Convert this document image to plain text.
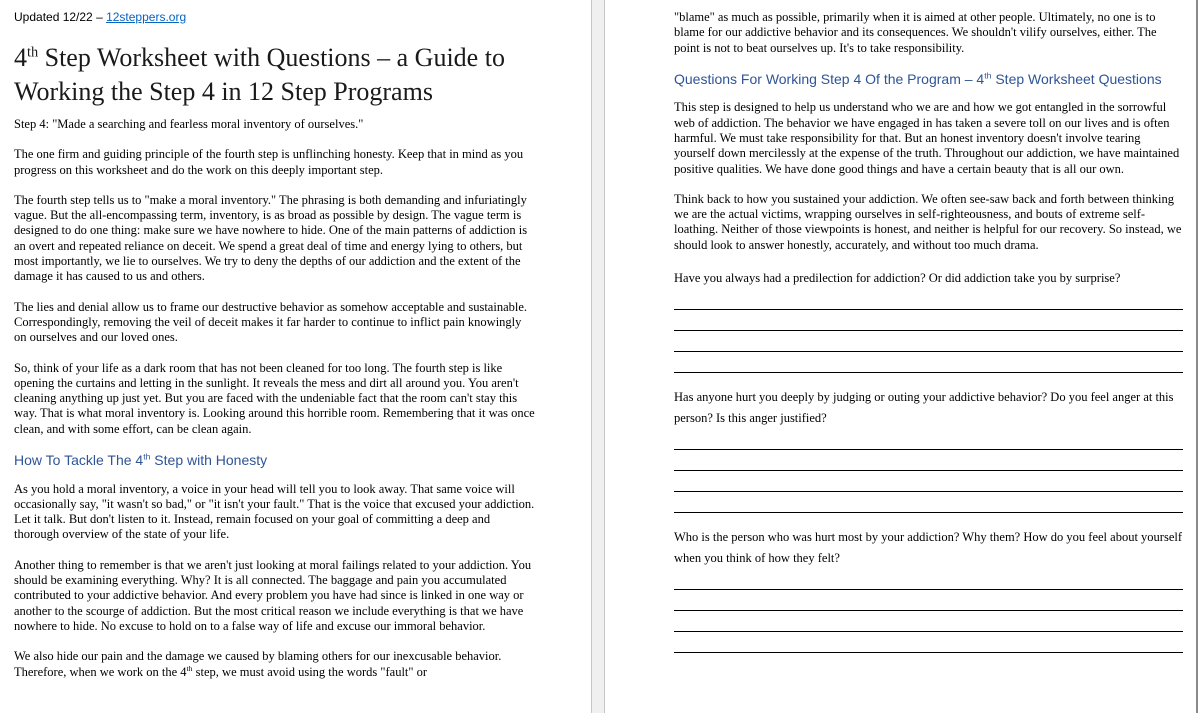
Updated 12/22 – 12steppers.org
4th Step Worksheet with Questions – a Guide to Working the Step 4 in 12 Step Programs

Step 4: "Made a searching and fearless moral inventory of ourselves."

The one firm and guiding principle of the fourth step is unflinching honesty. Keep that in mind as you progress on this worksheet and do the work on this deeply important step.

The fourth step tells us to "make a moral inventory." The phrasing is both demanding and infuriatingly vague. But the all-encompassing term, inventory, is as broad as possible by design. The vague term is designed to do one thing: make sure we have nowhere to hide. One of the main patterns of addiction is an overt and repeated reliance on deceit. We spend a great deal of time and energy lying to others, but most importantly, we lie to ourselves. We try to deny the depths of our addiction and the extent of the damage it has caused to us and others.

The lies and denial allow us to frame our destructive behavior as somehow acceptable and sustainable. Correspondingly, removing the veil of deceit makes it far harder to continue to inflict pain knowingly on ourselves and our loved ones.

So, think of your life as a dark room that has not been cleaned for too long. The fourth step is like opening the curtains and letting in the sunlight. It reveals the mess and dirt all around you. You aren't cleaning anything up just yet. But you are faced with the undeniable fact that the room can't stay this way. That is what moral inventory is. Looking around this horrible room. Remembering that it was once clean, and with some effort, can be clean again.

How To Tackle The 4th Step with Honesty

As you hold a moral inventory, a voice in your head will tell you to look away. That same voice will occasionally say, "it wasn't so bad," or "it isn't your fault." That is the voice that excused your addiction. Let it talk. But don't listen to it. Instead, remain focused on your goal of committing a deep and thorough overview of the state of your life.

Another thing to remember is that we aren't just looking at moral failings related to your addiction. You should be examining everything. Why? It is all connected. The baggage and pain you accumulated contributed to your addictive behavior. And every problem you have had since is linked in one way or another to the scourge of addiction. But the most critical reason we include everything is that we have nowhere to hide. No excuse to hold on to a false way of life and excuse our immoral behavior.

We also hide our pain and the damage we caused by blaming others for our inexcusable behavior. Therefore, when we work on the 4th step, we must avoid using the words "fault" or

"blame" as much as possible, primarily when it is aimed at other people. Ultimately, no one is to blame for our addictive behavior and its consequences. We shouldn't vilify ourselves, either. The point is not to beat ourselves up. It's to take responsibility.

Questions For Working Step 4 Of the Program – 4th Step Worksheet Questions

This step is designed to help us understand who we are and how we got entangled in the sorrowful web of addiction. The behavior we have engaged in has taken a severe toll on our lives and is often harmful. We must take responsibility for that. But an honest inventory doesn't involve tearing yourself down mercilessly at the expense of the truth. Throughout our addiction, we have maintained positive qualities. We have done good things and have a certain beauty that is all our own.

Think back to how you sustained your addiction. We often see-saw back and forth between thinking we are the actual victims, wrapping ourselves in self-righteousness, and bouts of extreme self-loathing. Neither of those viewpoints is honest, and neither is helpful for our recovery. So instead, we should look to answer honestly, accurately, and without too much drama.

Have you always had a predilection for addiction? Or did addiction take you by surprise?

Has anyone hurt you deeply by judging or outing your addictive behavior? Do you feel anger at this person? Is this anger justified?

Who is the person who was hurt most by your addiction? Why them? How do you feel about yourself when you think of how they felt?
